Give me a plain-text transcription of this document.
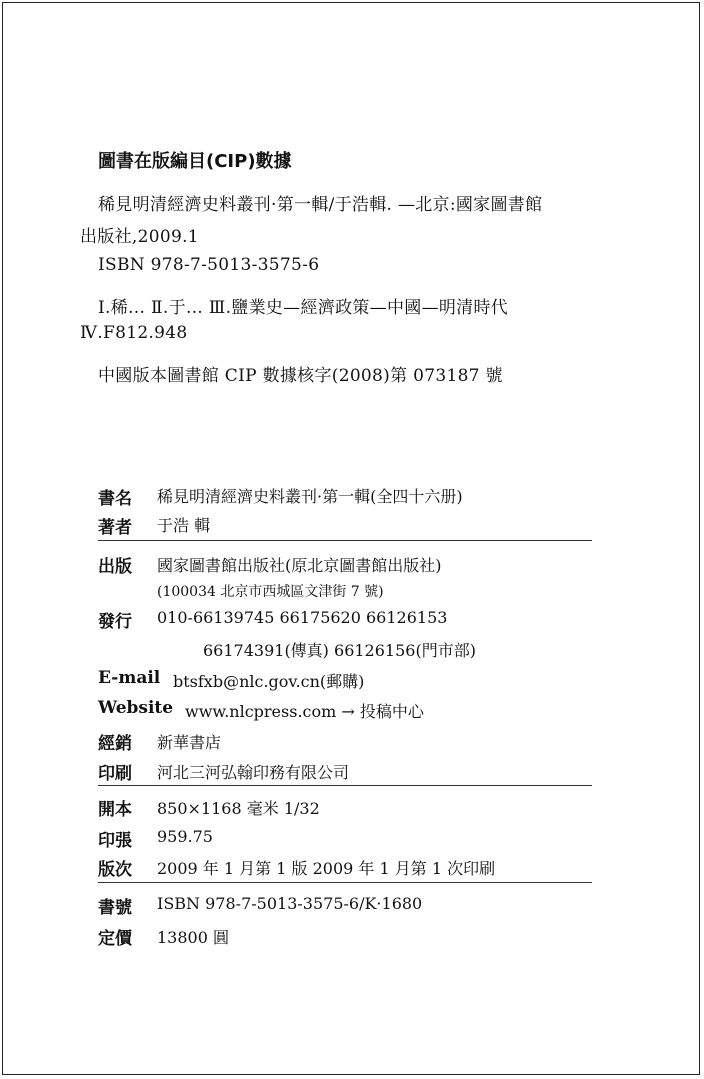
圖書在版編目(CIP)數據
稀見明清經濟史料叢刊·第一輯/于浩輯. —北京:國家圖書館
出版社,2009.1
ISBN 978-7-5013-3575-6
Ⅰ.稀… Ⅱ.于… Ⅲ.鹽業史—經濟政策—中國—明清時代
Ⅳ.F812.948
中國版本圖書館 CIP 數據核字(2008)第 073187 號
書名 稀見明清經濟史料叢刊·第一輯(全四十六册)
著者 于浩 輯
出版 國家圖書館出版社(原北京圖書館出版社)
(100034 北京市西城區文津街 7 號)
發行 010-66139745 66175620 66126153
66174391(傳真) 66126156(門市部)
E-mail btsfxb@nlc.gov.cn(郵購)
Website www.nlcpress.com → 投稿中心
經銷 新華書店
印刷 河北三河弘翰印務有限公司
開本 850×1168 毫米 1/32
印張 959.75
版次 2009 年 1 月第 1 版 2009 年 1 月第 1 次印刷
書號 ISBN 978-7-5013-3575-6/K·1680
定價 13800 圓
